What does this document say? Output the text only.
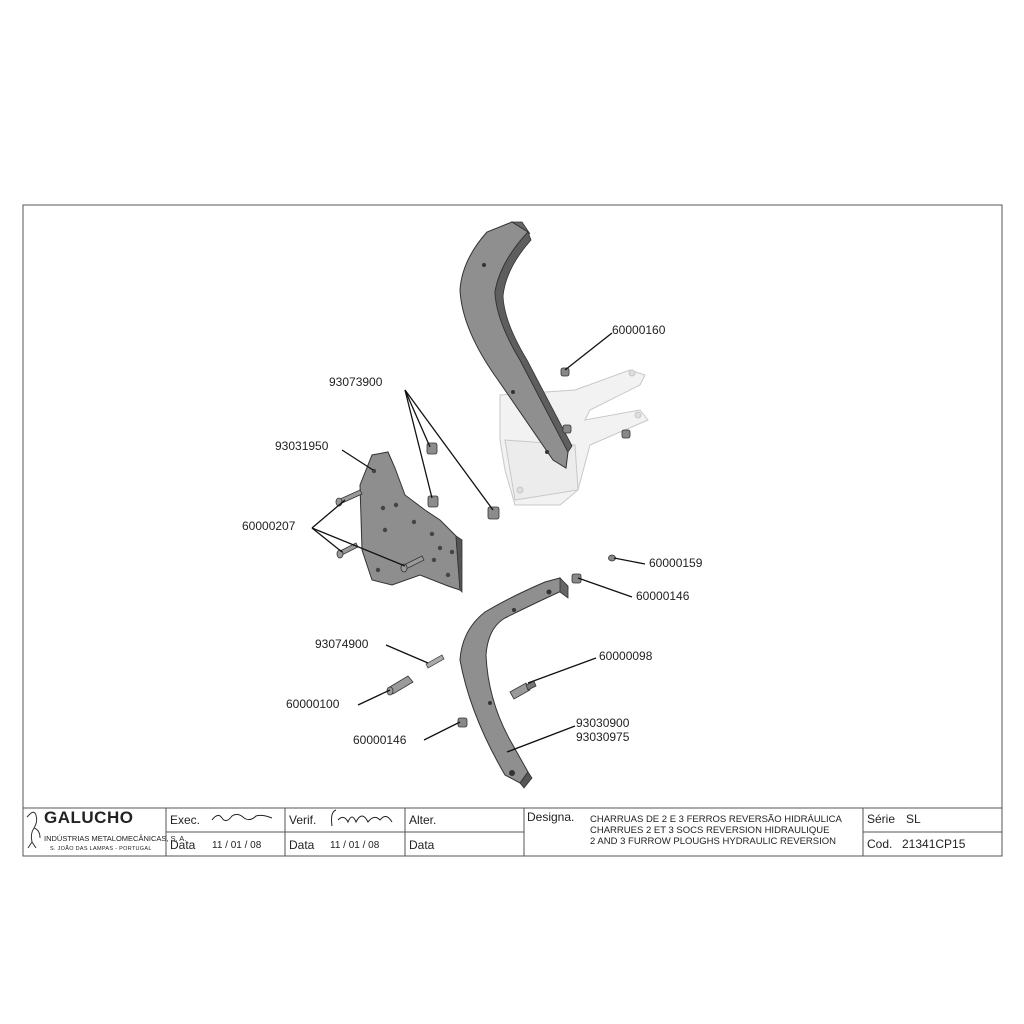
60000160
93073900
93031950
60000207
60000159
60000146
93074900
60000098
60000100
60000146
93030900
93030975
GALUCHO
INDÚSTRIAS METALOMECÂNICAS, S. A.
S. JOÃO DAS LAMPAS - PORTUGAL
Exec.	Verif.	Alter.
Data 11 / 01 / 08 Data 11 / 01 / 08 Data
Designa. CHARRUAS DE 2 E 3 FERROS REVERSÃO HIDRÁULICA
CHARRUES 2 ET 3 SOCS REVERSION HIDRAULIQUE
2 AND 3 FURROW PLOUGHS HYDRAULIC REVERSION
Série SL
Cod. 21341CP15
